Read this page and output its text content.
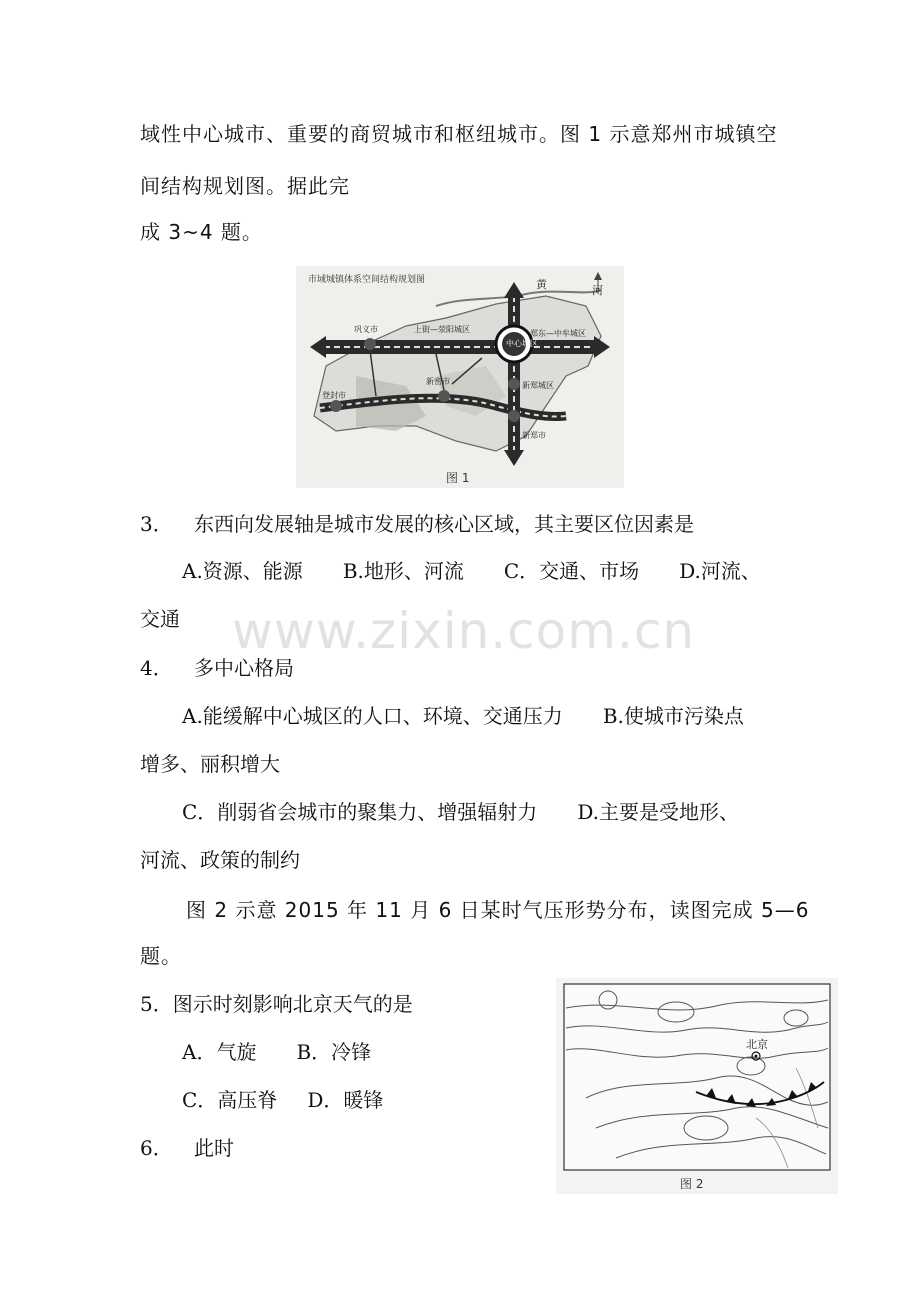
域性中心城市、重要的商贸城市和枢纽城市。图 1 示意郑州市城镇空
间结构规划图。据此完
成 3~4 题。
市域城镇体系空间结构规划图	黄	河
中心城区
巩义市	上街—荥阳城区	郑东—中牟城区
新密市
登封市
新郑城区
新郑市
图 1
3． 东西向发展轴是城市发展的核心区域，其主要区位因素是
A.资源、能源 B.地形、河流 C．交通、市场 D.河流、
交通 www.zixin.com.cn
4． 多中心格局
A.能缓解中心城区的人口、环境、交通压力 B.使城市污染点
增多、丽积增大
C．削弱省会城市的聚集力、增强辐射力 D.主要是受地形、
河流、政策的制约
图 2 示意 2015 年 11 月 6 日某时气压形势分布，读图完成 5—6
题。
5．图示时刻影响北京天气的是
A．气旋 B．冷锋
C．高压脊 D．暖锋
6． 此时
北京
图 2
